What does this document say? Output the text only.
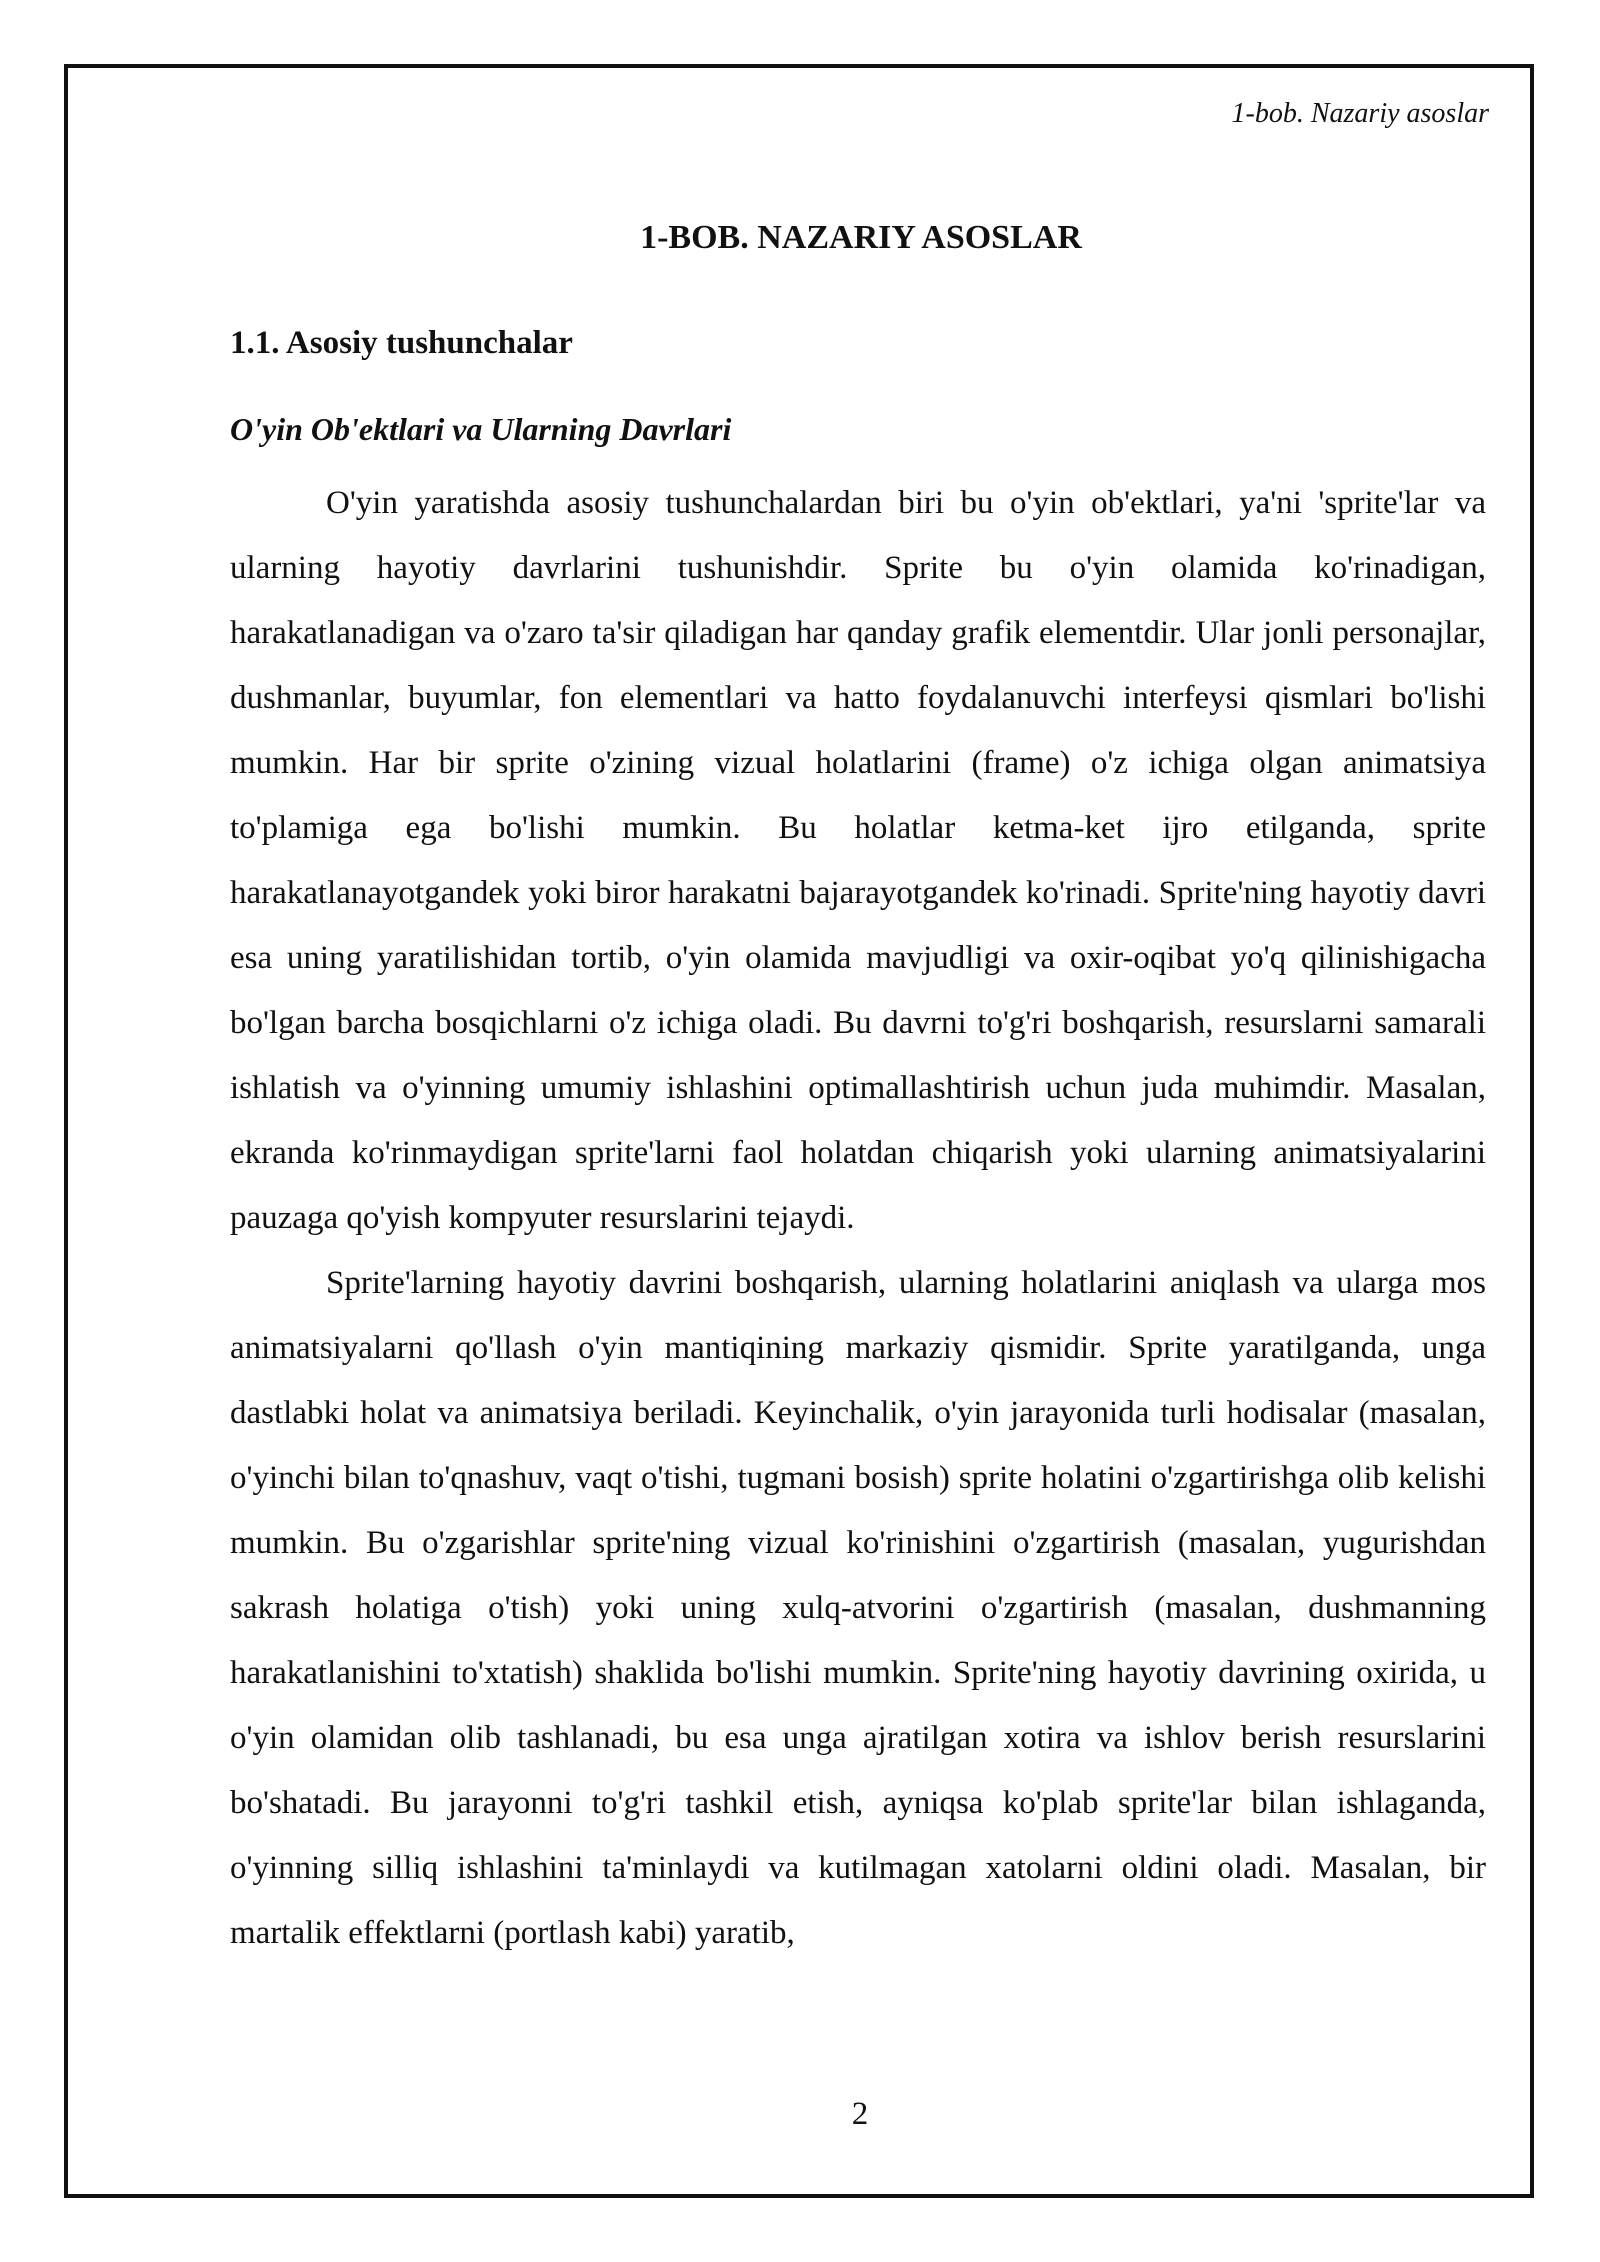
1-bob. Nazariy asoslar
1-BOB. NAZARIY ASOSLAR
1.1. Asosiy tushunchalar
O'yin Ob'ektlari va Ularning Davrlari

O'yin yaratishda asosiy tushunchalardan biri bu o'yin ob'ektlari, ya'ni 'sprite'lar va ularning hayotiy davrlarini tushunishdir. Sprite bu o'yin olamida ko'rinadigan, harakatlanadigan va o'zaro ta'sir qiladigan har qanday grafik elementdir. Ular jonli personajlar, dushmanlar, buyumlar, fon elementlari va hatto foydalanuvchi interfeysi qismlari bo'lishi mumkin. Har bir sprite o'zining vizual holatlarini (frame) o'z ichiga olgan animatsiya to'plamiga ega bo'lishi mumkin. Bu holatlar ketma-ket ijro etilganda, sprite harakatlanayotgandek yoki biror harakatni bajarayotgandek ko'rinadi. Sprite'ning hayotiy davri esa uning yaratilishidan tortib, o'yin olamida mavjudligi va oxir-oqibat yo'q qilinishigacha bo'lgan barcha bosqichlarni o'z ichiga oladi. Bu davrni to'g'ri boshqarish, resurslarni samarali ishlatish va o'yinning umumiy ishlashini optimallashtirish uchun juda muhimdir. Masalan, ekranda ko'rinmaydigan sprite'larni faol holatdan chiqarish yoki ularning animatsiyalarini pauzaga qo'yish kompyuter resurslarini tejaydi.

Sprite'larning hayotiy davrini boshqarish, ularning holatlarini aniqlash va ularga mos animatsiyalarni qo'llash o'yin mantiqining markaziy qismidir. Sprite yaratilganda, unga dastlabki holat va animatsiya beriladi. Keyinchalik, o'yin jarayonida turli hodisalar (masalan, o'yinchi bilan to'qnashuv, vaqt o'tishi, tugmani bosish) sprite holatini o'zgartirishga olib kelishi mumkin. Bu o'zgarishlar sprite'ning vizual ko'rinishini o'zgartirish (masalan, yugurishdan sakrash holatiga o'tish) yoki uning xulq-atvorini o'zgartirish (masalan, dushmanning harakatlanishini to'xtatish) shaklida bo'lishi mumkin. Sprite'ning hayotiy davrining oxirida, u o'yin olamidan olib tashlanadi, bu esa unga ajratilgan xotira va ishlov berish resurslarini bo'shatadi. Bu jarayonni to'g'ri tashkil etish, ayniqsa ko'plab sprite'lar bilan ishlaganda, o'yinning silliq ishlashini ta'minlaydi va kutilmagan xatolarni oldini oladi. Masalan, bir martalik effektlarni (portlash kabi) yaratib,

2
